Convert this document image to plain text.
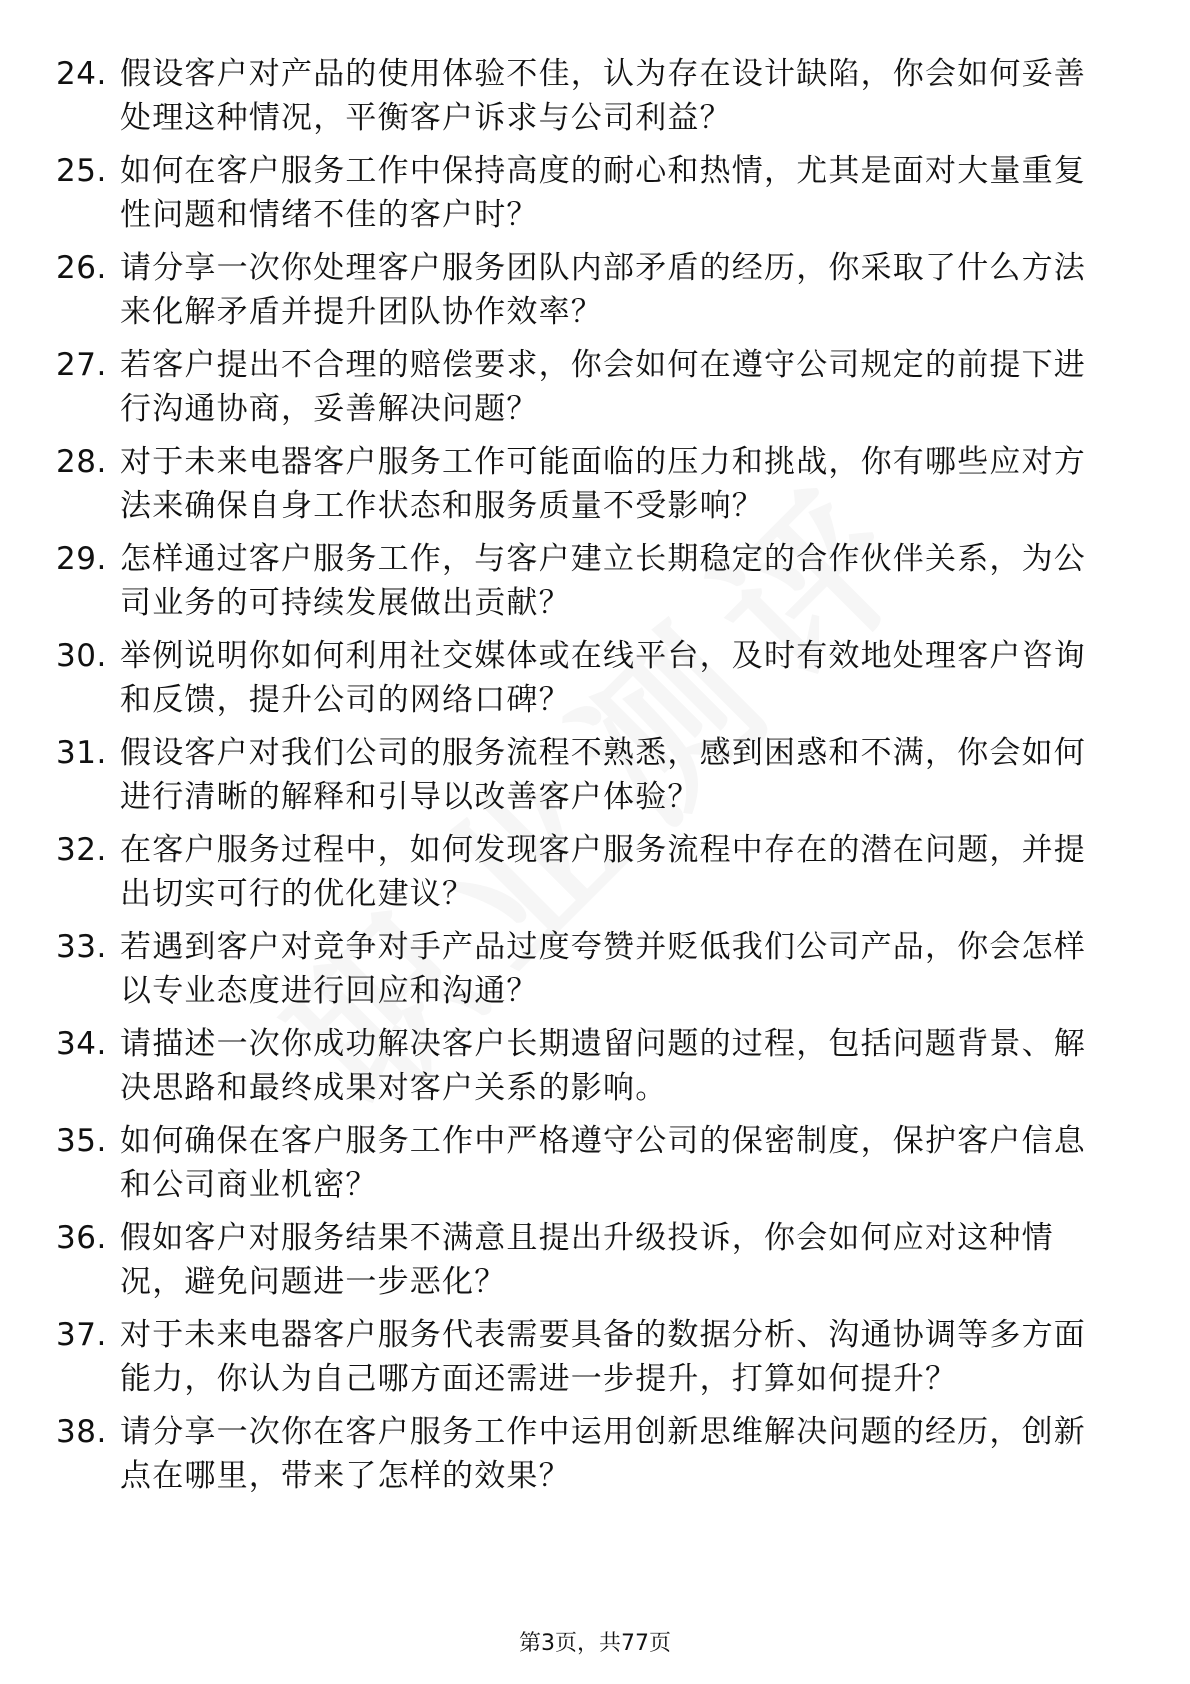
24. 假设客户对产品的使用体验不佳，认为存在设计缺陷，你会如何妥善处理这种情况，平衡客户诉求与公司利益？
25. 如何在客户服务工作中保持高度的耐心和热情，尤其是面对大量重复性问题和情绪不佳的客户时？
26. 请分享一次你处理客户服务团队内部矛盾的经历，你采取了什么方法来化解矛盾并提升团队协作效率？
27. 若客户提出不合理的赔偿要求，你会如何在遵守公司规定的前提下进行沟通协商，妥善解决问题？
28. 对于未来电器客户服务工作可能面临的压力和挑战，你有哪些应对方法来确保自身工作状态和服务质量不受影响？
29. 怎样通过客户服务工作，与客户建立长期稳定的合作伙伴关系，为公司业务的可持续发展做出贡献？
30. 举例说明你如何利用社交媒体或在线平台，及时有效地处理客户咨询和反馈，提升公司的网络口碑？
31. 假设客户对我们公司的服务流程不熟悉，感到困惑和不满，你会如何进行清晰的解释和引导以改善客户体验？
32. 在客户服务过程中，如何发现客户服务流程中存在的潜在问题，并提出切实可行的优化建议？
33. 若遇到客户对竞争对手产品过度夸赞并贬低我们公司产品，你会怎样以专业态度进行回应和沟通？
34. 请描述一次你成功解决客户长期遗留问题的过程，包括问题背景、解决思路和最终成果对客户关系的影响。
35. 如何确保在客户服务工作中严格遵守公司的保密制度，保护客户信息和公司商业机密？
36. 假如客户对服务结果不满意且提出升级投诉，你会如何应对这种情况，避免问题进一步恶化？
37. 对于未来电器客户服务代表需要具备的数据分析、沟通协调等多方面能力，你认为自己哪方面还需进一步提升，打算如何提升？
38. 请分享一次你在客户服务工作中运用创新思维解决问题的经历，创新点在哪里，带来了怎样的效果？
第3页，共77页
